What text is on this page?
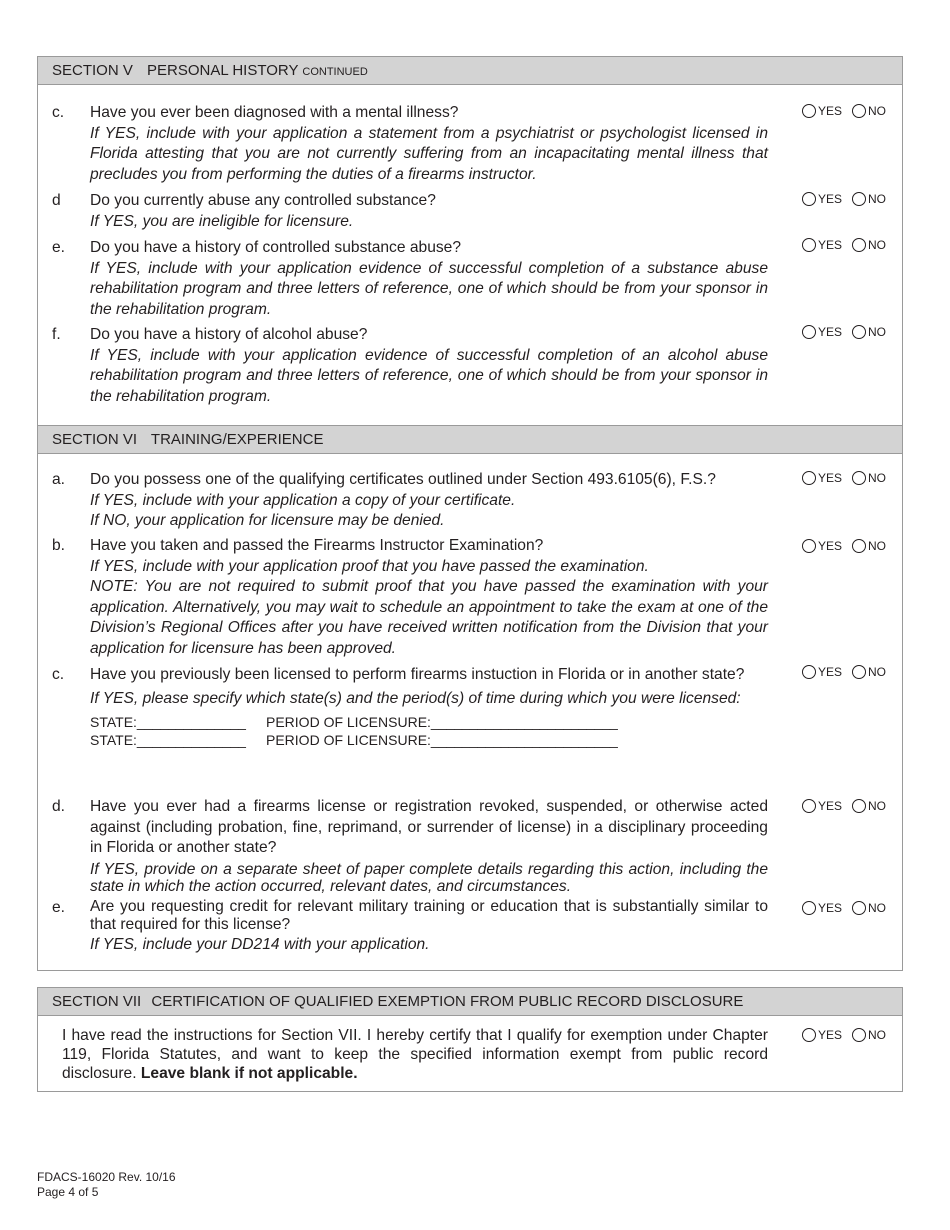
SECTION V PERSONAL HISTORY CONTINUED
c.	Have you ever been diagnosed with a mental illness?

If YES, include with your application a statement from a psychiatrist or psychologist licensed in Florida attesting that you are not currently suffering from an incapacitating mental illness that precludes you from performing the duties of a firearms instructor.

YES NO
d	Do you currently abuse any controlled substance?

If YES, you are ineligible for licensure.

YES NO
e.	Do you have a history of controlled substance abuse?

If YES, include with your application evidence of successful completion of a substance abuse rehabilitation program and three letters of reference, one of which should be from your sponsor in the rehabilitation program.

YES NO
f.	Do you have a history of alcohol abuse?

If YES, include with your application evidence of successful completion of an alcohol abuse rehabilitation program and three letters of reference, one of which should be from your sponsor in the rehabilitation program.

YES NO
SECTION VI TRAINING/EXPERIENCE
a.	Do you possess one of the qualifying certificates outlined under Section 493.6105(6), F.S.?

If YES, include with your application a copy of your certificate.

If NO, your application for licensure may be denied.

YES NO
b.	Have you taken and passed the Firearms Instructor Examination?

If YES, include with your application proof that you have passed the examination.

NOTE: You are not required to submit proof that you have passed the examination with your application. Alternatively, you may wait to schedule an appointment to take the exam at one of the Division’s Regional Offices after you have received written notification from the Division that your application for licensure has been approved.

YES NO
c.	Have you previously been licensed to perform firearms instuction in Florida or in another state?

If YES, please specify which state(s) and the period(s) of time during which you were licensed:

STATE:______________ PERIOD OF LICENSURE:________________________
STATE:______________ PERIOD OF LICENSURE:________________________
YES NO
d.	Have you ever had a firearms license or registration revoked, suspended, or otherwise acted against (including probation, fine, reprimand, or surrender of license) in a disciplinary proceeding in Florida or another state?

If YES, provide on a separate sheet of paper complete details regarding this action, including the state in which the action occurred, relevant dates, and circumstances.

YES NO
e.	Are you requesting credit for relevant military training or education that is substantially similar to that required for this license?

If YES, include your DD214 with your application.

YES NO
SECTION VII CERTIFICATION OF QUALIFIED EXEMPTION FROM PUBLIC RECORD DISCLOSURE
I have read the instructions for Section VII. I hereby certify that I qualify for exemption under Chapter 119, Florida Statutes, and want to keep the specified information exempt from public record disclosure. Leave blank if not applicable.
YES NO
FDACS-16020 Rev. 10/16
Page 4 of 5
